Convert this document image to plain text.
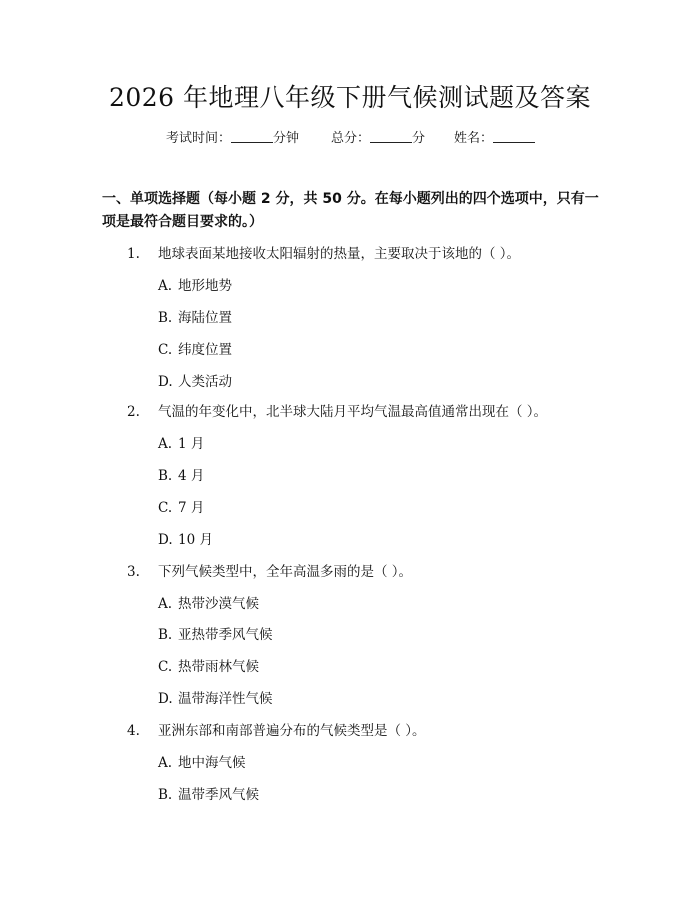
2026 年地理八年级下册气候测试题及答案
考试时间：	分钟 总分：	分 姓名：
一、单项选择题（每小题 2 分，共 50 分。在每小题列出的四个选项中，只有一项是最符合题目要求的。）
1. 地球表面某地接收太阳辐射的热量，主要取决于该地的（ ）。
A. 地形地势
B. 海陆位置
C. 纬度位置
D. 人类活动
2. 气温的年变化中，北半球大陆月平均气温最高值通常出现在（ ）。
A. 1 月
B. 4 月
C. 7 月
D. 10 月
3. 下列气候类型中，全年高温多雨的是（ ）。
A. 热带沙漠气候
B. 亚热带季风气候
C. 热带雨林气候
D. 温带海洋性气候
4. 亚洲东部和南部普遍分布的气候类型是（ ）。
A. 地中海气候
B. 温带季风气候
